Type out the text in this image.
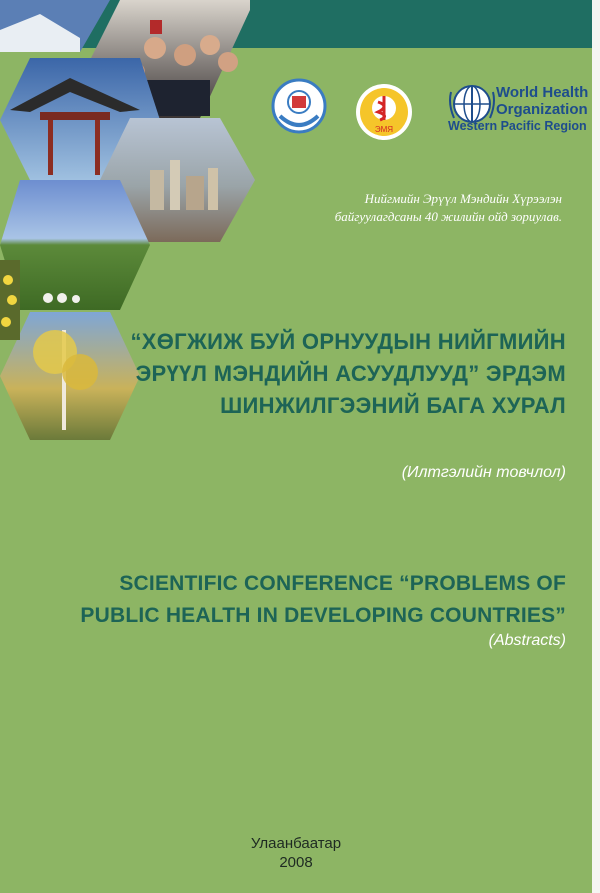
ЭМЯ
World Health
Organization
Western Pacific Region
Нийгмийн Эрүүл Мэндийн Хүрээлэн
байгуулагдсаны 40 жилийн ойд зориулав.
“ХӨГЖИЖ БУЙ ОРНУУДЫН НИЙГМИЙН
ЭРҮҮЛ МЭНДИЙН АСУУДЛУУД” ЭРДЭМ
ШИНЖИЛГЭЭНИЙ БАГА ХУРАЛ
(Илтгэлийн товчлол)
SCIENTIFIC CONFERENCE “PROBLEMS OF
PUBLIC HEALTH IN DEVELOPING COUNTRIES”
(Abstracts)
Улаанбаатар
2008
